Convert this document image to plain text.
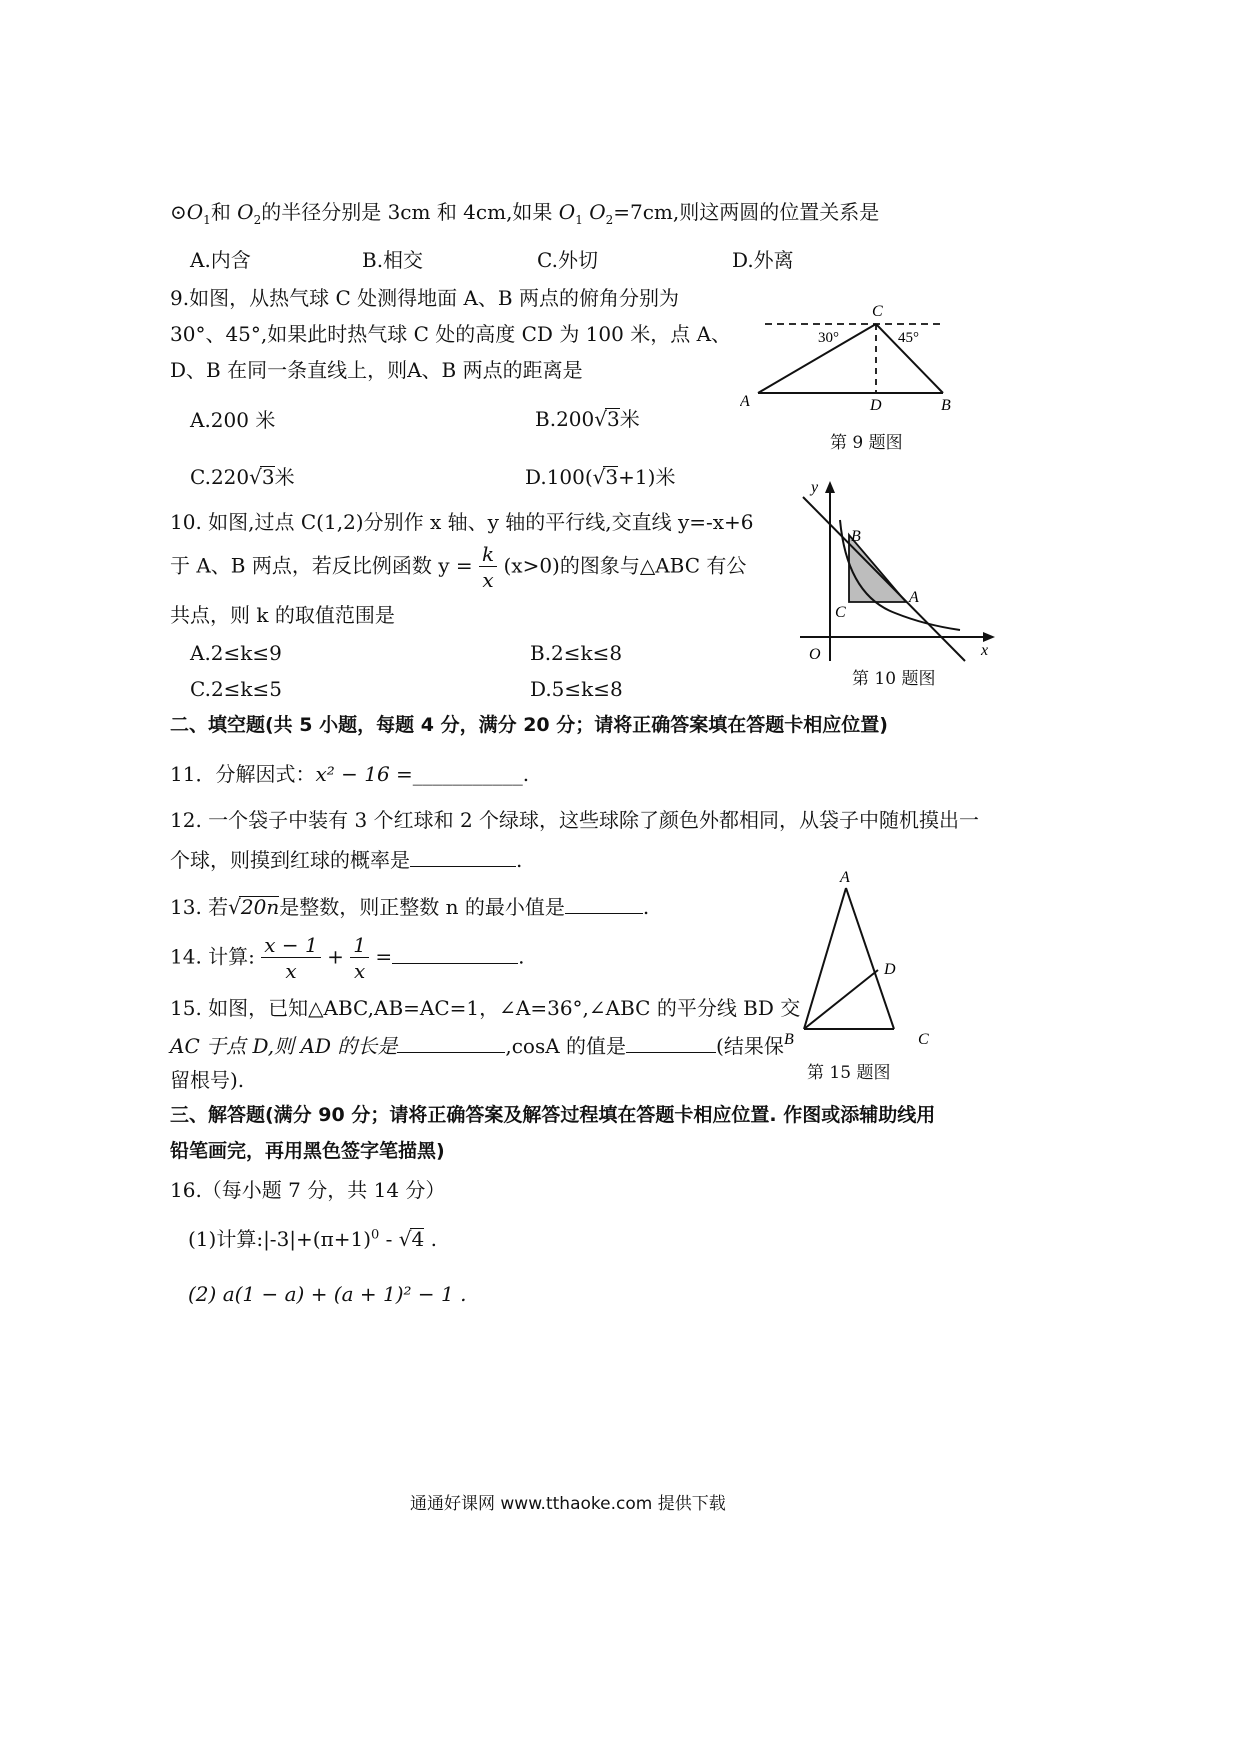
$⊙O_1$和 $O_2$的半径分别是 3cm 和 4cm,如果 $O_1$ $O_2=7cm$,则这两圆的位置关系是
A.内含	B.相交	C.外切	D.外离
9.如图，从热气球 C 处测得地面 A、B 两点的俯角分别为
30°、45°,如果此时热气球 C 处的高度 CD 为 100 米，点 A、
D、B 在同一条直线上，则A、B 两点的距离是
A.200 米	B.200√3米
C.220√3米	D.100(√3+1)米
C
30°	45°
A	D	B
第 9 题图
10. 如图,过点 C(1,2)分别作 x 轴、y 轴的平行线,交直线 y=-x+6
于 A、B 两点，若反比例函数 $y = \frac{k}{x} (x>0)$的图象与△ABC 有公
共点，则 k 的取值范围是
A.2≤k≤9	B.2≤k≤8
C.2≤k≤5	D.5≤k≤8
y
B
C
A
O	x
第 10 题图
二、填空题(共 5 小题，每题 4 分，满分 20 分；请将正确答案填在答题卡相应位置)
11．分解因式：x² − 16 =___________.
12. 一个袋子中装有 3 个红球和 2 个绿球，这些球除了颜色外都相同，从袋子中随机摸出一
个球，则摸到红球的概率是	.
13. 若√20n是整数，则正整数 n 的最小值是	.
14. 计算: $\frac{x - 1}{x} + \frac{1}{x}$ =	.
A
D
B	C
第 15 题图
15. 如图，已知△ABC,AB=AC=1，∠A=36°,∠ABC 的平分线 BD 交
AC 于点 D,则 AD 的长是	,cosA 的值是	(结果保
留根号).
三、解答题(满分 90 分；请将正确答案及解答过程填在答题卡相应位置. 作图或添辅助线用
铅笔画完，再用黑色签字笔描黑)
16.（每小题 7 分，共 14 分）
(1)计算$:|-3|+(\pi+1)^0 - √4$ .
(2) a(1 − a) + (a + 1)² − 1 .
通通好课网 www.tthaoke.com 提供下载
